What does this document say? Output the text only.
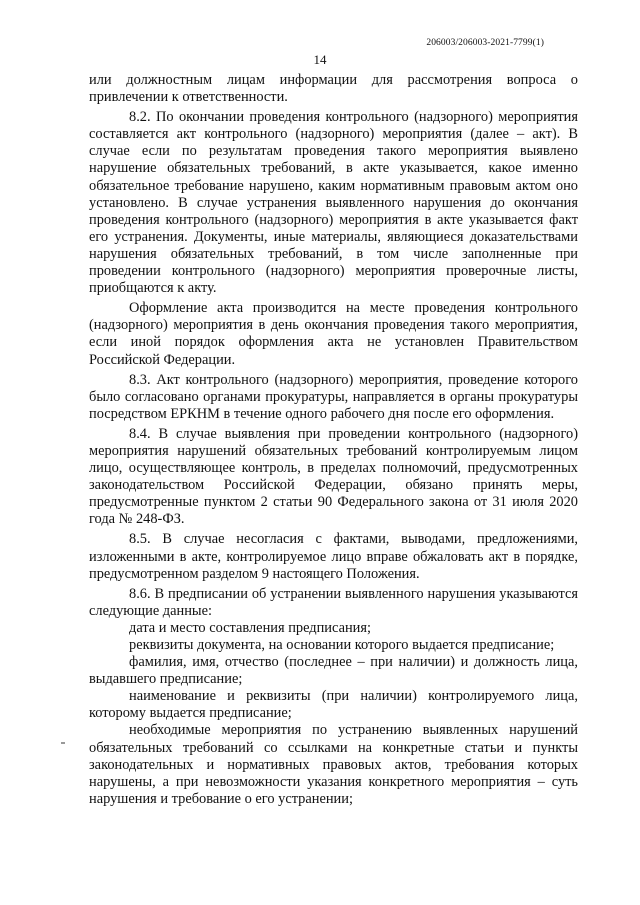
206003/206003-2021-7799(1)
14

или должностным лицам информации для рассмотрения вопроса о привлечении к ответственности.

8.2. По окончании проведения контрольного (надзорного) мероприятия составляется акт контрольного (надзорного) мероприятия (далее – акт). В случае если по результатам проведения такого мероприятия выявлено нарушение обязательных требований, в акте указывается, какое именно обязательное требование нарушено, каким нормативным правовым актом оно установлено. В случае устранения выявленного нарушения до окончания проведения контрольного (надзорного) мероприятия в акте указывается факт его устранения. Документы, иные материалы, являющиеся доказательствами нарушения обязательных требований, в том числе заполненные при проведении контрольного (надзорного) мероприятия проверочные листы, приобщаются к акту.

Оформление акта производится на месте проведения контрольного (надзорного) мероприятия в день окончания проведения такого мероприятия, если иной порядок оформления акта не установлен Правительством Российской Федерации.

8.3. Акт контрольного (надзорного) мероприятия, проведение которого было согласовано органами прокуратуры, направляется в органы прокуратуры посредством ЕРКНМ в течение одного рабочего дня после его оформления.

8.4. В случае выявления при проведении контрольного (надзорного) мероприятия нарушений обязательных требований контролируемым лицом лицо, осуществляющее контроль, в пределах полномочий, предусмотренных законодательством Российской Федерации, обязано принять меры, предусмотренные пунктом 2 статьи 90 Федерального закона от 31 июля 2020 года № 248-ФЗ.

8.5. В случае несогласия с фактами, выводами, предложениями, изложенными в акте, контролируемое лицо вправе обжаловать акт в порядке, предусмотренном разделом 9 настоящего Положения.

8.6. В предписании об устранении выявленного нарушения указываются следующие данные:

дата и место составления предписания;

реквизиты документа, на основании которого выдается предписание;

фамилия, имя, отчество (последнее – при наличии) и должность лица, выдавшего предписание;

наименование и реквизиты (при наличии) контролируемого лица, которому выдается предписание;

необходимые мероприятия по устранению выявленных нарушений обязательных требований со ссылками на конкретные статьи и пункты законодательных и нормативных правовых актов, требования которых нарушены, а при невозможности указания конкретного мероприятия – суть нарушения и требование о его устранении;
